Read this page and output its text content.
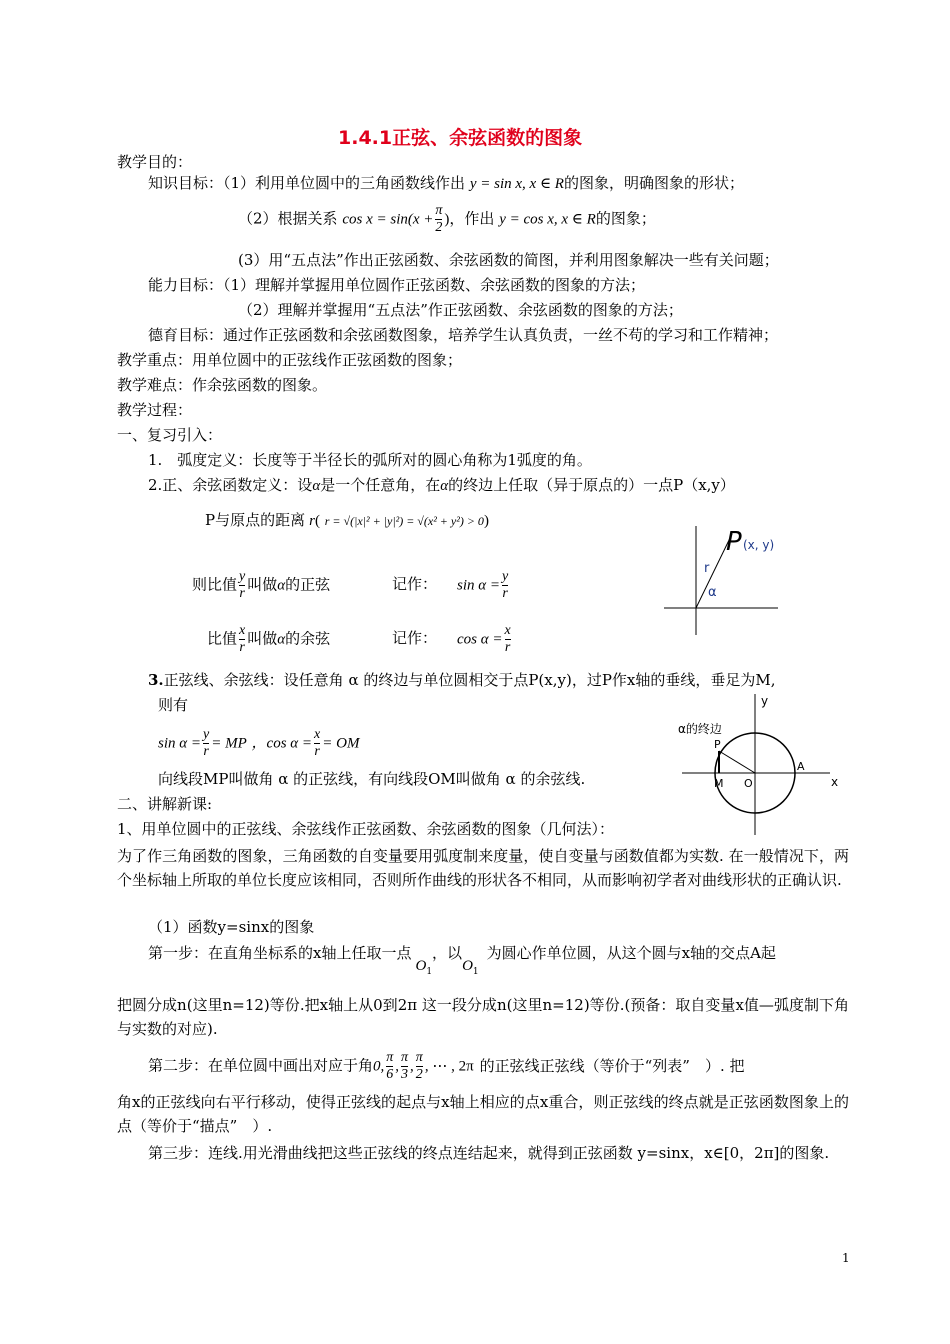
1.4.1正弦、余弦函数的图象
教学目的：
知识目标：（1）利用单位圆中的三角函数线作出 y = sin x, x ∈ R的图象，明确图象的形状；
（2）根据关系 $\cos x = \sin(x + \frac{\pi}{2}$ )，作出 y = cos x, x ∈ R的图象；
(3）用“五点法”作出正弦函数、余弦函数的简图，并利用图象解决一些有关问题；
能力目标：（1）理解并掌握用单位圆作正弦函数、余弦函数的图象的方法；
（2）理解并掌握用“五点法”作正弦函数、余弦函数的图象的方法；
德育目标：通过作正弦函数和余弦函数图象，培养学生认真负责，一丝不苟的学习和工作精神；
教学重点：用单位圆中的正弦线作正弦函数的图象；
教学难点：作余弦函数的图象。
教学过程：
一、复习引入：
1.　弧度定义：长度等于半径长的弧所对的圆心角称为1弧度的角。
2.正、余弦函数定义：设α是一个任意角，在α的终边上任取（异于原点的）一点P（x,y）
P与原点的距离 r( r = √(|x|² + |y|²) = √(x² + y²) > 0)
则比值 $\frac{y}{r}$ 叫做α的正弦	记作： $\sin \alpha = \frac{y}{r}$
比值 $\frac{x}{r}$ 叫做α的余弦	记作： $\cos \alpha = \frac{x}{r}$
P (x, y)
r
α
3.正弦线、余弦线：设任意角 α 的终边与单位圆相交于点P(x,y)，过P作x轴的垂线，垂足为M,
则有
$\sin \alpha = \frac{y}{r}$ = MP ，$\cos \alpha = \frac{x}{r}$ = OM
向线段MP叫做角 α 的正弦线，有向线段OM叫做角 α 的余弦线.
α的终边
y
x
P
M O
A
二、讲解新课:
1、用单位圆中的正弦线、余弦线作正弦函数、余弦函数的图象（几何法）：
为了作三角函数的图象，三角函数的自变量要用弧度制来度量，使自变量与函数值都为实数. 在一般情况下，两个坐标轴上所取的单位长度应该相同，否则所作曲线的形状各不相同，从而影响初学者对曲线形状的正确认识.
（1）函数y=sinx的图象
第一步：在直角坐标系的x轴上任取一点$O_1$，以$O_1$为圆心作单位圆，从这个圆与x轴的交点A起
把圆分成n(这里n=12)等份.把x轴上从0到2π 这一段分成n(这里n=12)等份.(预备：取自变量x值—弧度制下角与实数的对应).
第二步：在单位圆中画出对应于角0, $\frac{\pi}{6}$ , $\frac{\pi}{3}$ , $\frac{\pi}{2}$ , ⋯ , 2π 的正弦线正弦线（等价于“列表”　）. 把
角x的正弦线向右平行移动，使得正弦线的起点与x轴上相应的点x重合，则正弦线的终点就是正弦函数图象上的点（等价于“描点”　）.
第三步：连线.用光滑曲线把这些正弦线的终点连结起来，就得到正弦函数 y=sinx，x∈[0，2π]的图象.
1
